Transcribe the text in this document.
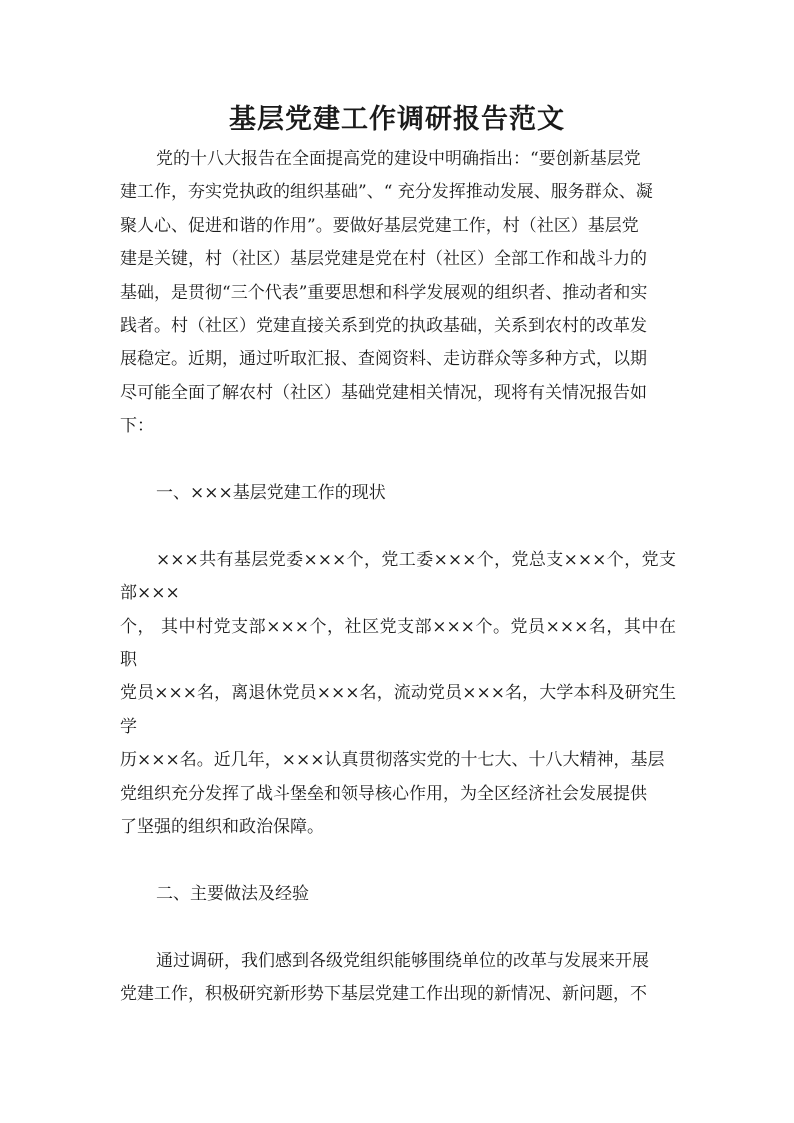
基层党建工作调研报告范文

党的十八大报告在全面提高党的建设中明确指出：“要创新基层党

建工作，夯实党执政的组织基础”、“ 充分发挥推动发展、服务群众、凝

聚人心、促进和谐的作用”。要做好基层党建工作，村（社区）基层党

建是关键，村（社区）基层党建是党在村（社区）全部工作和战斗力的

基础，是贯彻“三个代表”重要思想和科学发展观的组织者、推动者和实

践者。村（社区）党建直接关系到党的执政基础，关系到农村的改革发

展稳定。近期，通过听取汇报、查阅资料、走访群众等多种方式，以期

尽可能全面了解农村（社区）基础党建相关情况，现将有关情况报告如

下：

一、×××基层党建工作的现状

×××共有基层党委×××个，党工委×××个，党总支×××个，党支部×××

个， 其中村党支部×××个，社区党支部×××个。党员×××名，其中在职

党员×××名，离退休党员×××名，流动党员×××名，大学本科及研究生学

历×××名。近几年，×××认真贯彻落实党的十七大、十八大精神，基层

党组织充分发挥了战斗堡垒和领导核心作用，为全区经济社会发展提供

了坚强的组织和政治保障。

二、主要做法及经验

通过调研，我们感到各级党组织能够围绕单位的改革与发展来开展

党建工作，积极研究新形势下基层党建工作出现的新情况、新问题，不
